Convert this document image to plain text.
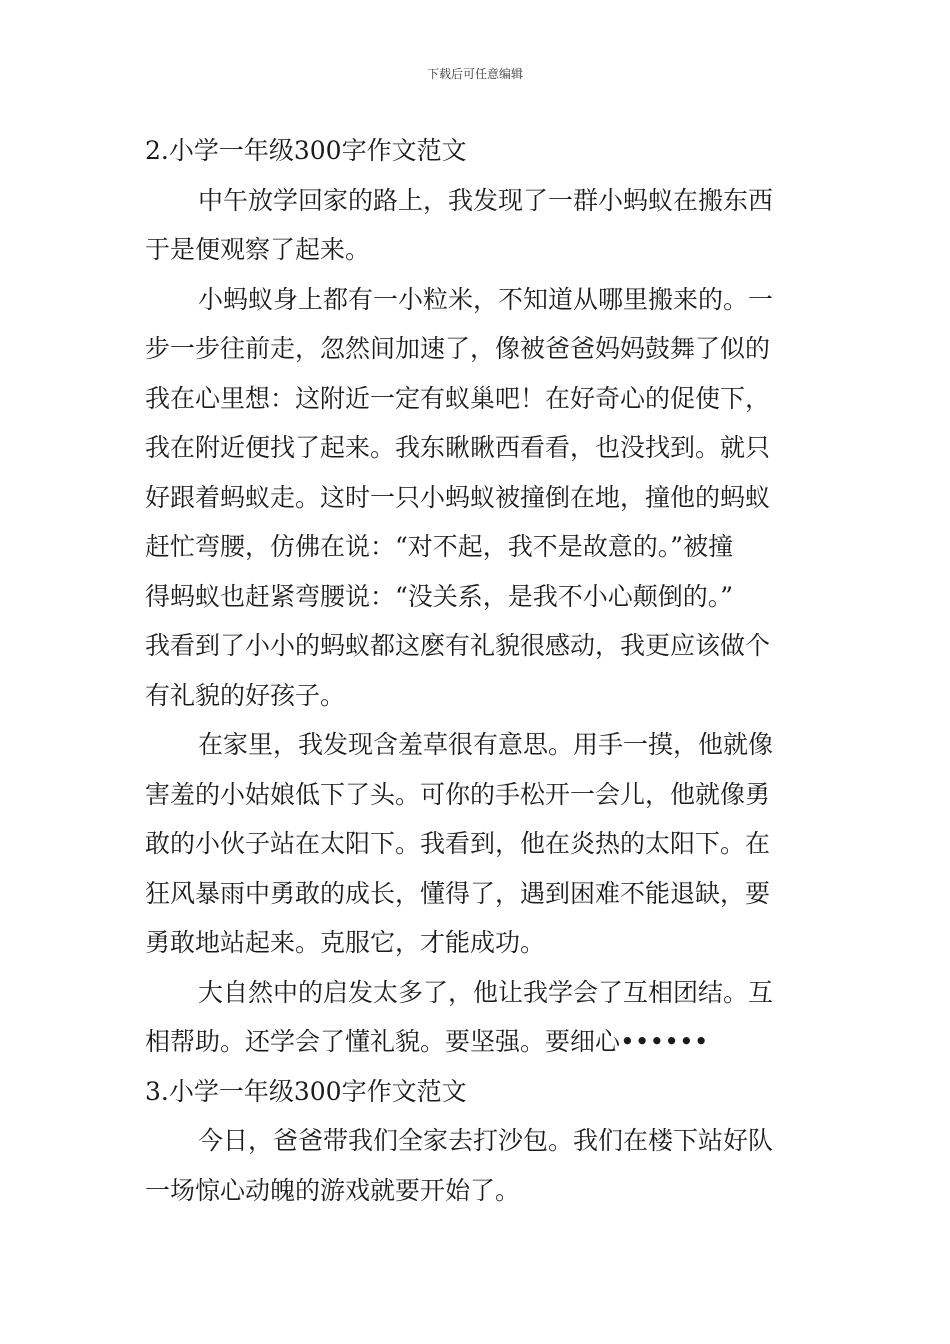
下载后可任意编辑
2.小学一年级300字作文范文
中午放学回家的路上，我发现了一群小蚂蚁在搬东西
于是便观察了起来。
小蚂蚁身上都有一小粒米，不知道从哪里搬来的。一
步一步往前走，忽然间加速了，像被爸爸妈妈鼓舞了似的
我在心里想：这附近一定有蚁巢吧！在好奇心的促使下，
我在附近便找了起来。我东瞅瞅西看看，也没找到。就只
好跟着蚂蚁走。这时一只小蚂蚁被撞倒在地，撞他的蚂蚁
赶忙弯腰，仿佛在说：“对不起，我不是故意的。”被撞
得蚂蚁也赶紧弯腰说：“没关系，是我不小心颠倒的。”
我看到了小小的蚂蚁都这麽有礼貌很感动，我更应该做个
有礼貌的好孩子。
在家里，我发现含羞草很有意思。用手一摸，他就像
害羞的小姑娘低下了头。可你的手松开一会儿，他就像勇
敢的小伙子站在太阳下。我看到，他在炎热的太阳下。在
狂风暴雨中勇敢的成长，懂得了，遇到困难不能退缺，要
勇敢地站起来。克服它，才能成功。
大自然中的启发太多了，他让我学会了互相团结。互
相帮助。还学会了懂礼貌。要坚强。要细心••••••
3.小学一年级300字作文范文
今日，爸爸带我们全家去打沙包。我们在楼下站好队
一场惊心动魄的游戏就要开始了。
